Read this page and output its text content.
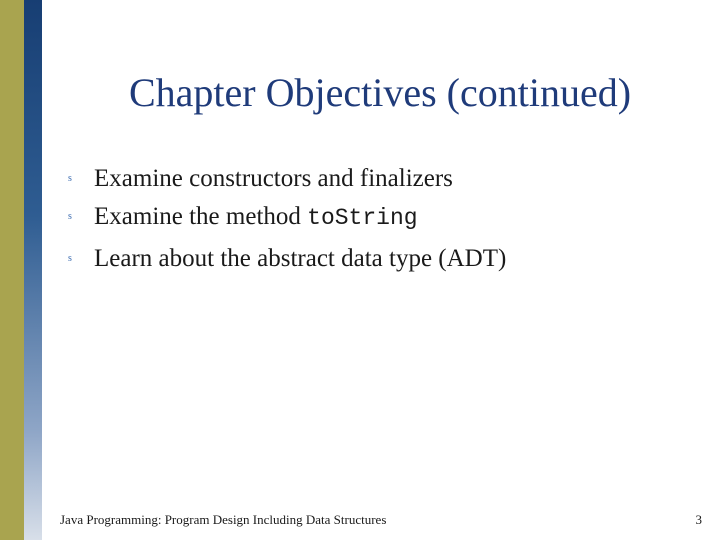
Chapter Objectives (continued)
s Examine constructors and finalizers
s Examine the method toString
s Learn about the abstract data type (ADT)
Java Programming: Program Design Including Data Structures	3
